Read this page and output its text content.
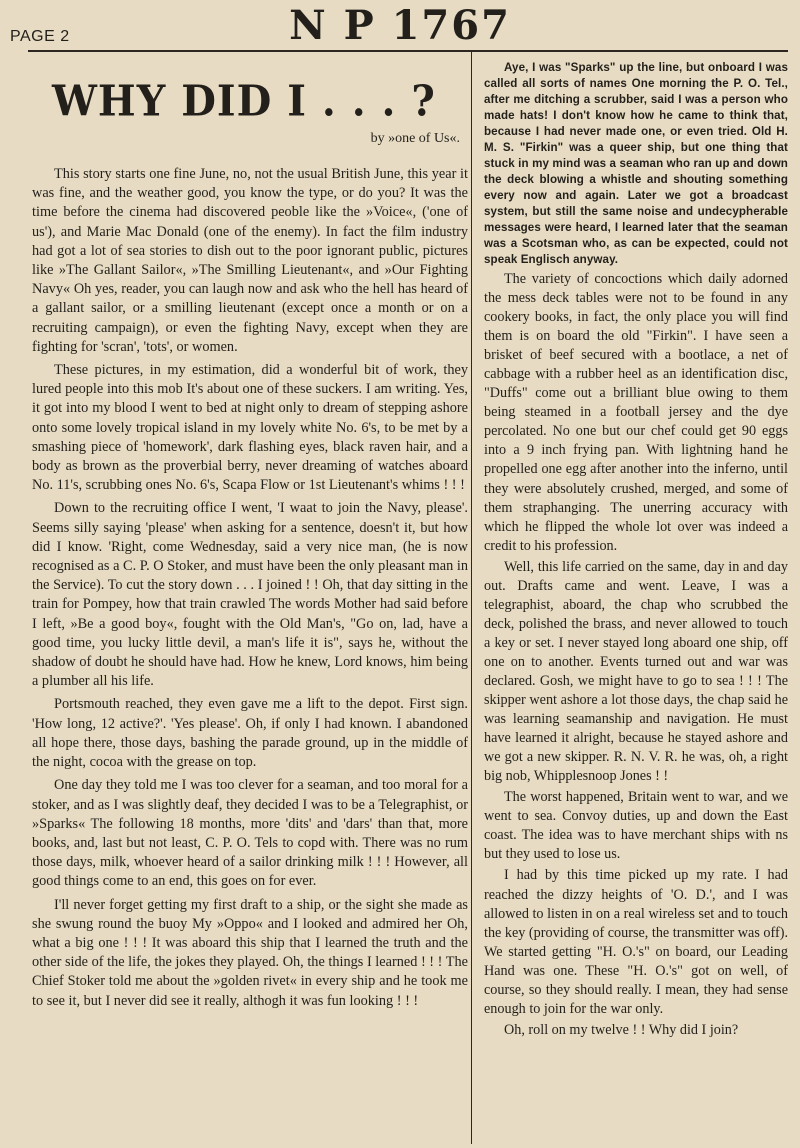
PAGE 2	N P 1767
WHY DID I . . . ?
by »one of Us«.

This story starts one fine June, no, not the usual British June, this year it was fine, and the weather good, you know the type, or do you? It was the time before the cinema had discovered peoble like the »Voice«, ('one of us'), and Marie Mac Donald (one of the enemy). In fact the film industry had got a lot of sea stories to dish out to the poor ignorant public, pictures like »The Gallant Sailor«, »The Smilling Lieutenant«, and »Our Fighting Navy« Oh yes, reader, you can laugh now and ask who the hell has heard of a gallant sailor, or a smilling lieutenant (except once a month or on a recruiting campaign), or even the fighting Navy, except when they are fighting for 'scran', 'tots', or women.

These pictures, in my estimation, did a wonderful bit of work, they lured people into this mob It's about one of these suckers. I am writing. Yes, it got into my blood I went to bed at night only to dream of stepping ashore onto some lovely tropical island in my lovely white No. 6's, to be met by a smashing piece of 'homework', dark flashing eyes, black raven hair, and a body as brown as the proverbial berry, never dreaming of watches aboard No. 11's, scrubbing ones No. 6's, Scapa Flow or 1st Lieutenant's whims ! ! !

Down to the recruiting office I went, 'I waat to join the Navy, please'. Seems silly saying 'please' when asking for a sentence, doesn't it, but how did I know. 'Right, come Wednesday, said a very nice man, (he is now recognised as a C. P. O Stoker, and must have been the only pleasant man in the Service). To cut the story down . . . I joined ! ! Oh, that day sitting in the train for Pompey, how that train crawled The words Mother had said before I left, »Be a good boy«, fought with the Old Man's, "Go on, lad, have a good time, you lucky little devil, a man's life it is", says he, without the shadow of doubt he should have had. How he knew, Lord knows, him being a plumber all his life.

Portsmouth reached, they even gave me a lift to the depot. First sign. 'How long, 12 active?'. 'Yes please'. Oh, if only I had known. I abandoned all hope there, those days, bashing the parade ground, up in the middle of the night, cocoa with the grease on top.

One day they told me I was too clever for a seaman, and too moral for a stoker, and as I was slightly deaf, they decided I was to be a Telegraphist, or »Sparks« The following 18 months, more 'dits' and 'dars' than that, more books, and, last but not least, C. P. O. Tels to copd with. There was no rum those days, milk, whoever heard of a sailor drinking milk ! ! ! However, all good things come to an end, this goes on for ever.

I'll never forget getting my first draft to a ship, or the sight she made as she swung round the buoy My »Oppo« and I looked and admired her Oh, what a big one ! ! ! It was aboard this ship that I learned the truth and the other side of the life, the jokes they played. Oh, the things I learned ! ! ! The Chief Stoker told me about the »golden rivet« in every ship and he took me to see it, but I never did see it really, althogh it was fun looking ! ! !

Aye, I was "Sparks" up the line, but onboard I was called all sorts of names One morning the P. O. Tel., after me ditching a scrubber, said I was a person who made hats! I don't know how he came to think that, because I had never made one, or even tried. Old H. M. S. "Firkin" was a queer ship, but one thing that stuck in my mind was a seaman who ran up and down the deck blowing a whistle and shouting something every now and again. Later we got a broadcast system, but still the same noise and undecypherable messages were heard, I learned later that the seaman was a Scotsman who, as can be expected, could not speak Englisch anyway.

The variety of concoctions which daily adorned the mess deck tables were not to be found in any cookery books, in fact, the only place you will find them is on board the old "Firkin". I have seen a brisket of beef secured with a bootlace, a net of cabbage with a rubber heel as an identification disc, "Duffs" come out a brilliant blue owing to them being steamed in a football jersey and the dye percolated. No one but our chef could get 90 eggs into a 9 inch frying pan. With lightning hand he propelled one egg after another into the inferno, until they were absolutely crushed, merged, and some of them straphanging. The unerring accuracy with which he flipped the whole lot over was indeed a credit to his profession.

Well, this life carried on the same, day in and day out. Drafts came and went. Leave, I was a telegraphist, aboard, the chap who scrubbed the deck, polished the brass, and never allowed to touch a key or set. I never stayed long aboard one ship, off one on to another. Events turned out and war was declared. Gosh, we might have to go to sea ! ! ! The skipper went ashore a lot those days, the chap said he was learning seamanship and navigation. He must have learned it alright, because he stayed ashore and we got a new skipper. R. N. V. R. he was, oh, a right big nob, Whipplesnoop Jones ! !

The worst happened, Britain went to war, and we went to sea. Convoy duties, up and down the East coast. The idea was to have merchant ships with ns but they used to lose us.

I had by this time picked up my rate. I had reached the dizzy heights of 'O. D.', and I was allowed to listen in on a real wireless set and to touch the key (providing of course, the transmitter was off). We started getting "H. O.'s" on board, our Leading Hand was one. These "H. O.'s" got on well, of course, so they should really. I mean, they had sense enough to join for the war only.

Oh, roll on my twelve ! ! Why did I join?
